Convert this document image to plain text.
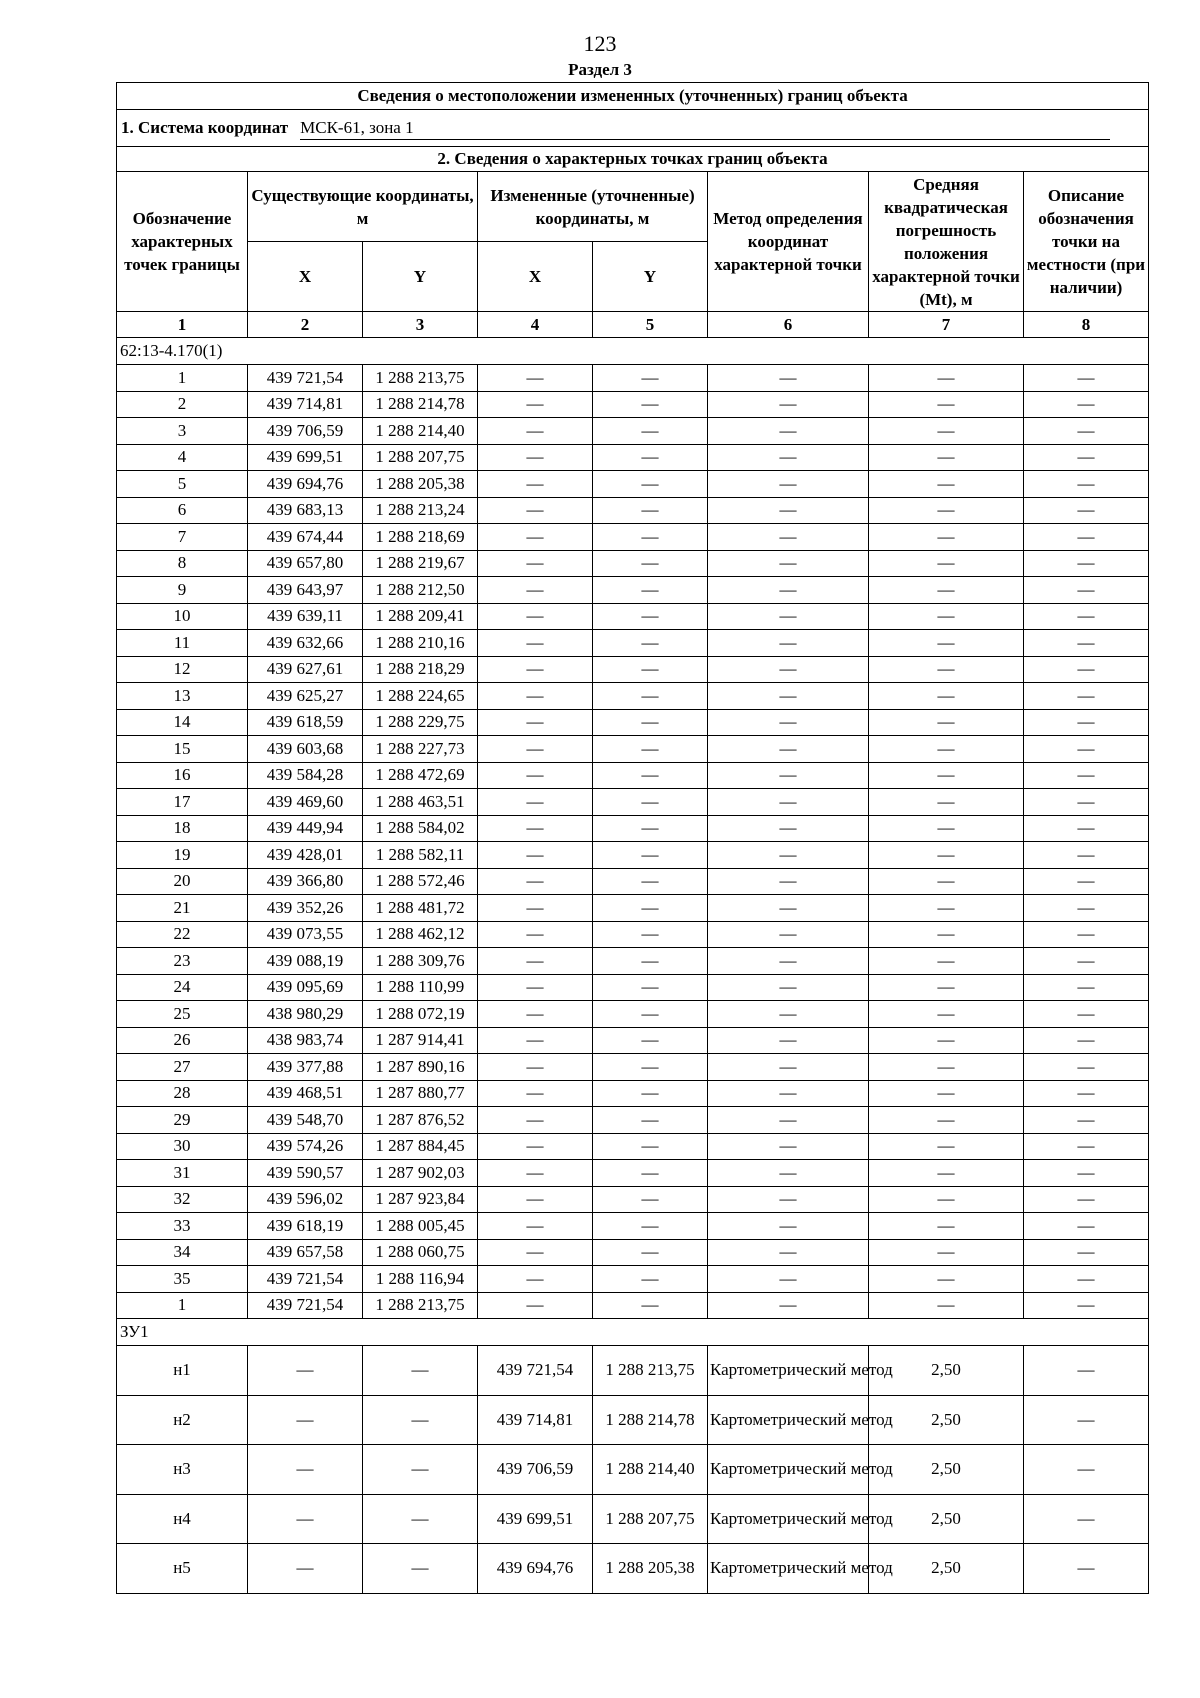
123
Раздел 3
Сведения о местоположении измененных (уточненных) границ объекта							
1. Система координат МСК-61, зона 1							
2. Сведения о характерных точках границ объекта							
Обозначение характерных точек границы	Существующие координаты, м		Измененные (уточненные) координаты, м		Метод определения координат характерной точки	Средняя квадратическая погрешность положения характерной точки (Mt), м	Описание обозначения точки на местности (при наличии)
	X	Y	X	Y			
1	2	3	4	5	6	7	8
62:13-4.170(1)							
1	439 721,54	1 288 213,75	—	—	—	—	—
2	439 714,81	1 288 214,78	—	—	—	—	—
3	439 706,59	1 288 214,40	—	—	—	—	—
4	439 699,51	1 288 207,75	—	—	—	—	—
5	439 694,76	1 288 205,38	—	—	—	—	—
6	439 683,13	1 288 213,24	—	—	—	—	—
7	439 674,44	1 288 218,69	—	—	—	—	—
8	439 657,80	1 288 219,67	—	—	—	—	—
9	439 643,97	1 288 212,50	—	—	—	—	—
10	439 639,11	1 288 209,41	—	—	—	—	—
11	439 632,66	1 288 210,16	—	—	—	—	—
12	439 627,61	1 288 218,29	—	—	—	—	—
13	439 625,27	1 288 224,65	—	—	—	—	—
14	439 618,59	1 288 229,75	—	—	—	—	—
15	439 603,68	1 288 227,73	—	—	—	—	—
16	439 584,28	1 288 472,69	—	—	—	—	—
17	439 469,60	1 288 463,51	—	—	—	—	—
18	439 449,94	1 288 584,02	—	—	—	—	—
19	439 428,01	1 288 582,11	—	—	—	—	—
20	439 366,80	1 288 572,46	—	—	—	—	—
21	439 352,26	1 288 481,72	—	—	—	—	—
22	439 073,55	1 288 462,12	—	—	—	—	—
23	439 088,19	1 288 309,76	—	—	—	—	—
24	439 095,69	1 288 110,99	—	—	—	—	—
25	438 980,29	1 288 072,19	—	—	—	—	—
26	438 983,74	1 287 914,41	—	—	—	—	—
27	439 377,88	1 287 890,16	—	—	—	—	—
28	439 468,51	1 287 880,77	—	—	—	—	—
29	439 548,70	1 287 876,52	—	—	—	—	—
30	439 574,26	1 287 884,45	—	—	—	—	—
31	439 590,57	1 287 902,03	—	—	—	—	—
32	439 596,02	1 287 923,84	—	—	—	—	—
33	439 618,19	1 288 005,45	—	—	—	—	—
34	439 657,58	1 288 060,75	—	—	—	—	—
35	439 721,54	1 288 116,94	—	—	—	—	—
1	439 721,54	1 288 213,75	—	—	—	—	—
ЗУ1							
н1	—	—	439 721,54	1 288 213,75	Картометрический метод	2,50	—
н2	—	—	439 714,81	1 288 214,78	Картометрический метод	2,50	—
н3	—	—	439 706,59	1 288 214,40	Картометрический метод	2,50	—
н4	—	—	439 699,51	1 288 207,75	Картометрический метод	2,50	—
н5	—	—	439 694,76	1 288 205,38	Картометрический метод	2,50	—
